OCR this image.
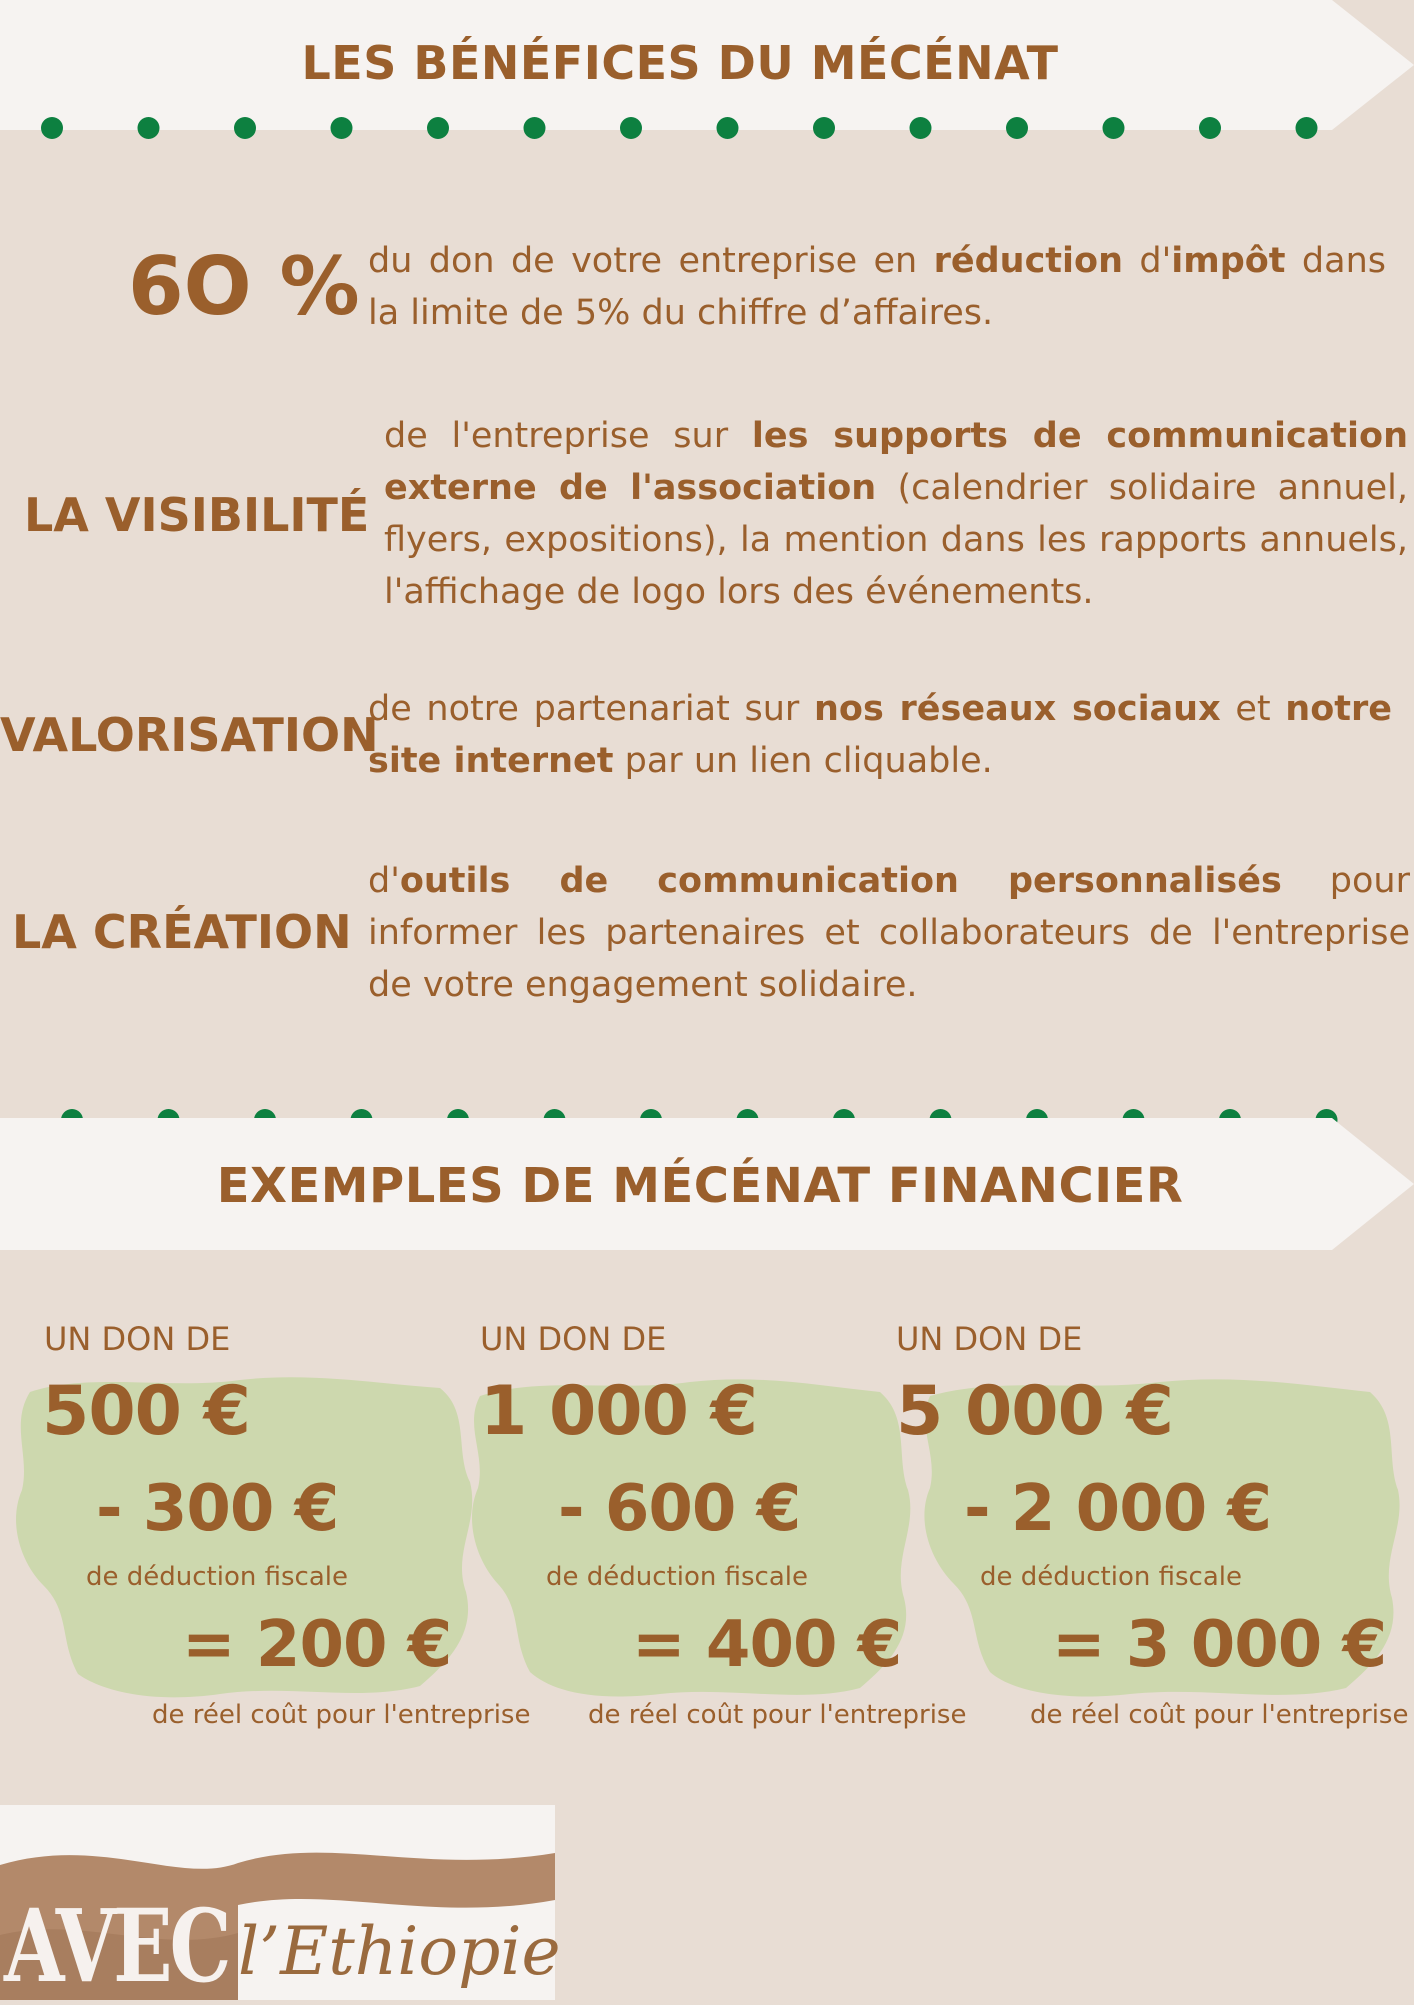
LES BÉNÉFICES DU MÉCÉNAT
6O % du don de votre entreprise en réduction d'impôt dans la limite de 5% du chiffre d’affaires.
LA VISIBILITÉ
de l'entreprise sur les supports de communication externe de l'association (calendrier solidaire annuel, flyers, expositions), la mention dans les rapports annuels, l'affichage de logo lors des événements.
VALORISATION
de notre partenariat sur nos réseaux sociaux et notre site internet par un lien cliquable.
LA CRÉATION
d'outils de communication personnalisés pour informer les partenaires et collaborateurs de l'entreprise de votre engagement solidaire.
EXEMPLES DE MÉCÉNAT FINANCIER
UN DON DE
500 €
- 300 €
de déduction fiscale
= 200 €
de réel coût pour l'entreprise
UN DON DE
1 000 €
- 600 €
de déduction fiscale
= 400 €
de réel coût pour l'entreprise
UN DON DE
5 000 €
- 2 000 €
de déduction fiscale
= 3 000 €
de réel coût pour l'entreprise
AVEC l’Ethiopie
